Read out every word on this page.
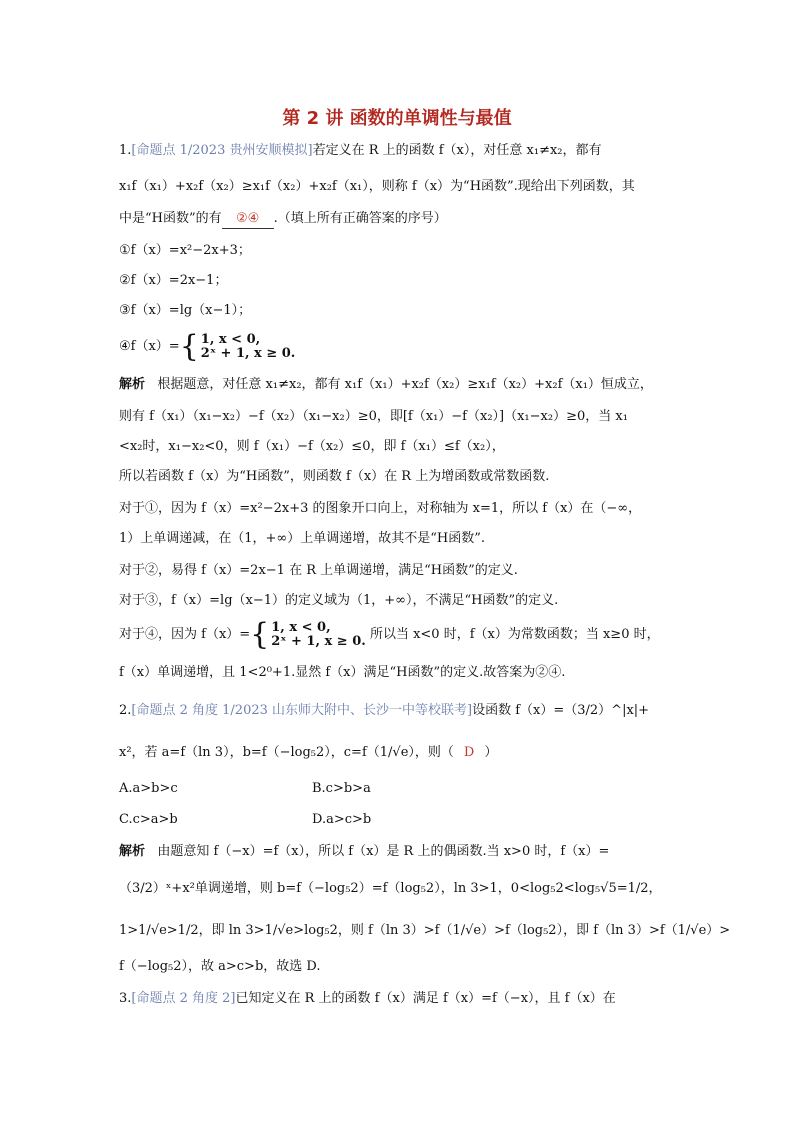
第 2 讲 函数的单调性与最值
1.[命题点 1/2023 贵州安顺模拟]若定义在 R 上的函数 f（x），对任意 x₁≠x₂，都有
x₁f（x₁）+x₂f（x₂）≥x₁f（x₂）+x₂f（x₁），则称 f（x）为“H函数”.现给出下列函数，其
中是“H函数”的有 ②④ .（填上所有正确答案的序号）
①f（x）=x²−2x+3；
②f（x）=2x−1；
③f（x）=lg（x−1）；
④f（x）= { 1, x < 0,
2ˣ + 1, x ≥ 0.
解析 根据题意，对任意 x₁≠x₂，都有 x₁f（x₁）+x₂f（x₂）≥x₁f（x₂）+x₂f（x₁）恒成立，
则有 f（x₁）（x₁−x₂）−f（x₂）（x₁−x₂）≥0，即[f（x₁）−f（x₂）]（x₁−x₂）≥0，当 x₁
<x₂时，x₁−x₂<0，则 f（x₁）−f（x₂）≤0，即 f（x₁）≤f（x₂），
所以若函数 f（x）为“H函数”，则函数 f（x）在 R 上为增函数或常数函数.
对于①，因为 f（x）=x²−2x+3 的图象开口向上，对称轴为 x=1，所以 f（x）在（−∞，
1）上单调递减，在（1，+∞）上单调递增，故其不是“H函数”.
对于②，易得 f（x）=2x−1 在 R 上单调递增，满足“H函数”的定义.
对于③，f（x）=lg（x−1）的定义域为（1，+∞），不满足“H函数”的定义.
对于④，因为 f（x）= { 1, x < 0,
2ˣ + 1, x ≥ 0.
所以当 x<0 时，f（x）为常数函数；当 x≥0 时，
f（x）单调递增，且 1<2⁰+1.显然 f（x）满足“H函数”的定义.故答案为②④.
2.[命题点 2 角度 1/2023 山东师大附中、长沙一中等校联考]设函数 f（x）=（3/2）^|x|+
x²，若 a=f（ln 3），b=f（−log₅2），c=f（1/√e），则（ D ）
A.a>b>c	B.c>b>a
C.c>a>b	D.a>c>b
解析 由题意知 f（−x）=f（x），所以 f（x）是 R 上的偶函数.当 x>0 时，f（x）=
（3/2）ˣ+x²单调递增，则 b=f（−log₅2）=f（log₅2），ln 3>1，0<log₅2<log₅√5=1/2，
1>1/√e>1/2，即 ln 3>1/√e>log₅2，则 f（ln 3）>f（1/√e）>f（log₅2），即 f（ln 3）>f（1/√e）>
f（−log₅2），故 a>c>b，故选 D.
3.[命题点 2 角度 2]已知定义在 R 上的函数 f（x）满足 f（x）=f（−x），且 f（x）在
